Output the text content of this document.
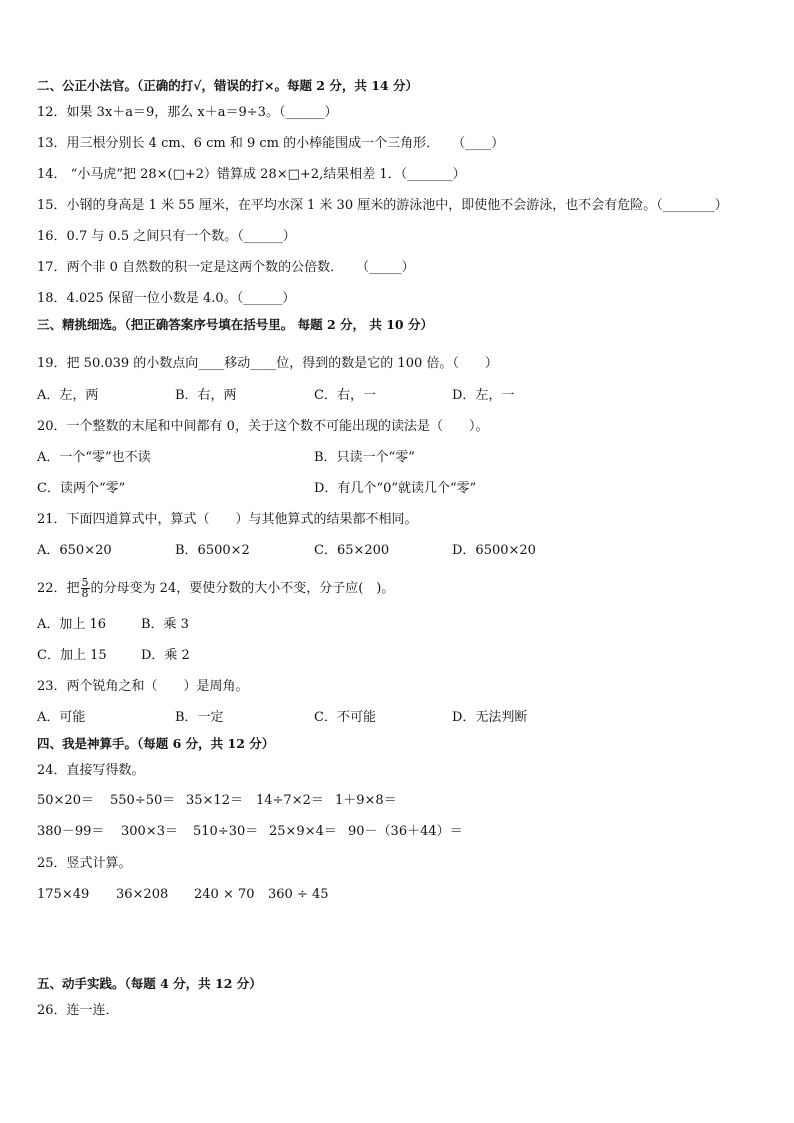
二、公正小法官。（正确的打√，错误的打×。每题 2 分，共 14 分）
12．如果 3x＋a＝9，那么 x＋a＝9÷3。（______）
13．用三根分别长 4 cm、6 cm 和 9 cm 的小棒能围成一个三角形．　　（____）
14． “小马虎”把 28×(□+2）错算成 28×□+2,结果相差 1．（_______）
15．小钢的身高是 1 米 55 厘米，在平均水深 1 米 30 厘米的游泳池中，即使他不会游泳，也不会有危险。（________）
16．0.7 与 0.5 之间只有一个数。（______）
17．两个非 0 自然数的积一定是这两个数的公倍数．　　（_____）
18．4.025 保留一位小数是 4.0。（______）
三、精挑细选。（把正确答案序号填在括号里。 每题 2 分， 共 10 分）
19．把 50.039 的小数点向____移动____位，得到的数是它的 100 倍。（　　）
A．左，两	B．右，两	C．右，一	D．左，一
20．一个整数的末尾和中间都有 0，关于这个数不可能出现的读法是（　　）。
A．一个“零”也不读	B．只读一个“零”
C．读两个“零”	D．有几个“0”就读几个“零”
21．下面四道算式中，算式（　　）与其他算式的结果都不相同。
A．650×20	B．6500×2	C．65×200	D．6500×20
22．把 $\frac{5}{8}$ 的分母变为 24，要使分数的大小不变，分子应(　)。
A．加上 16	B．乘 3
C．加上 15	D．乘 2
23．两个锐角之和（　　）是周角。
A．可能	B．一定	C．不可能	D．无法判断
四、我是神算手。（每题 6 分，共 12 分）
24．直接写得数。
50×20＝ 550÷50＝ 35×12＝ 14÷7×2＝ 1＋9×8＝
380－99＝ 300×3＝ 510÷30＝ 25×9×4＝ 90－（36＋44）＝
25．竖式计算。
175×49 36×208 240 × 70 360 ÷ 45
五、动手实践。（每题 4 分，共 12 分）
26．连一连．
